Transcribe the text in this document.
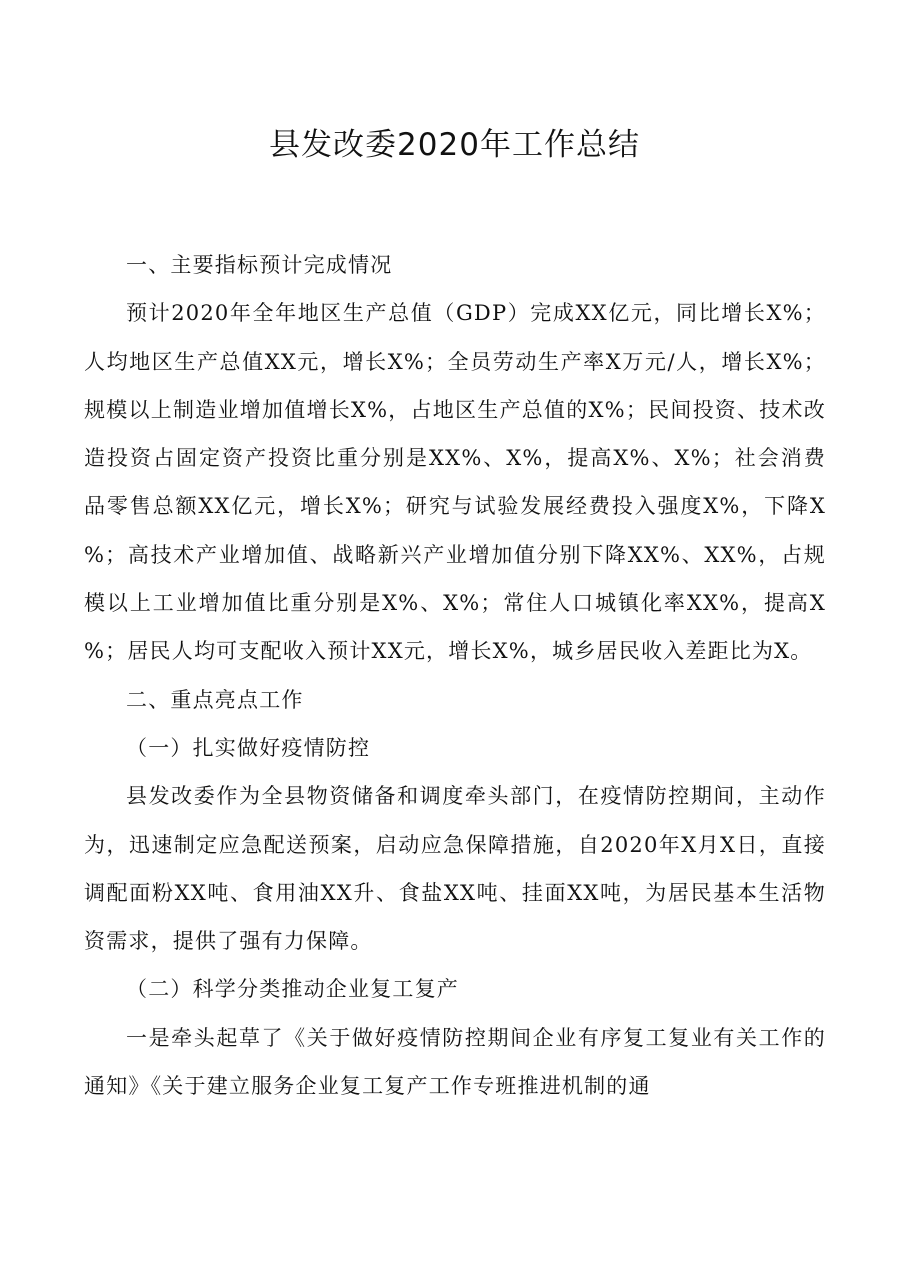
县发改委2020年工作总结

一、主要指标预计完成情况

预计2020年全年地区生产总值（GDP）完成XX亿元，同比增长X%；人均地区生产总值XX元，增长X%；全员劳动生产率X万元/人，增长X%；规模以上制造业增加值增长X%，占地区生产总值的X%；民间投资、技术改造投资占固定资产投资比重分别是XX%、X%，提高X%、X%；社会消费品零售总额XX亿元，增长X%；研究与试验发展经费投入强度X%，下降X%；高技术产业增加值、战略新兴产业增加值分别下降XX%、XX%，占规模以上工业增加值比重分别是X%、X%；常住人口城镇化率XX%，提高X%；居民人均可支配收入预计XX元，增长X%，城乡居民收入差距比为X。

二、重点亮点工作

（一）扎实做好疫情防控

县发改委作为全县物资储备和调度牵头部门，在疫情防控期间，主动作为，迅速制定应急配送预案，启动应急保障措施，自2020年X月X日，直接调配面粉XX吨、食用油XX升、食盐XX吨、挂面XX吨，为居民基本生活物资需求，提供了强有力保障。

（二）科学分类推动企业复工复产

一是牵头起草了《关于做好疫情防控期间企业有序复工复业有关工作的通知》《关于建立服务企业复工复产工作专班推进机制的通
